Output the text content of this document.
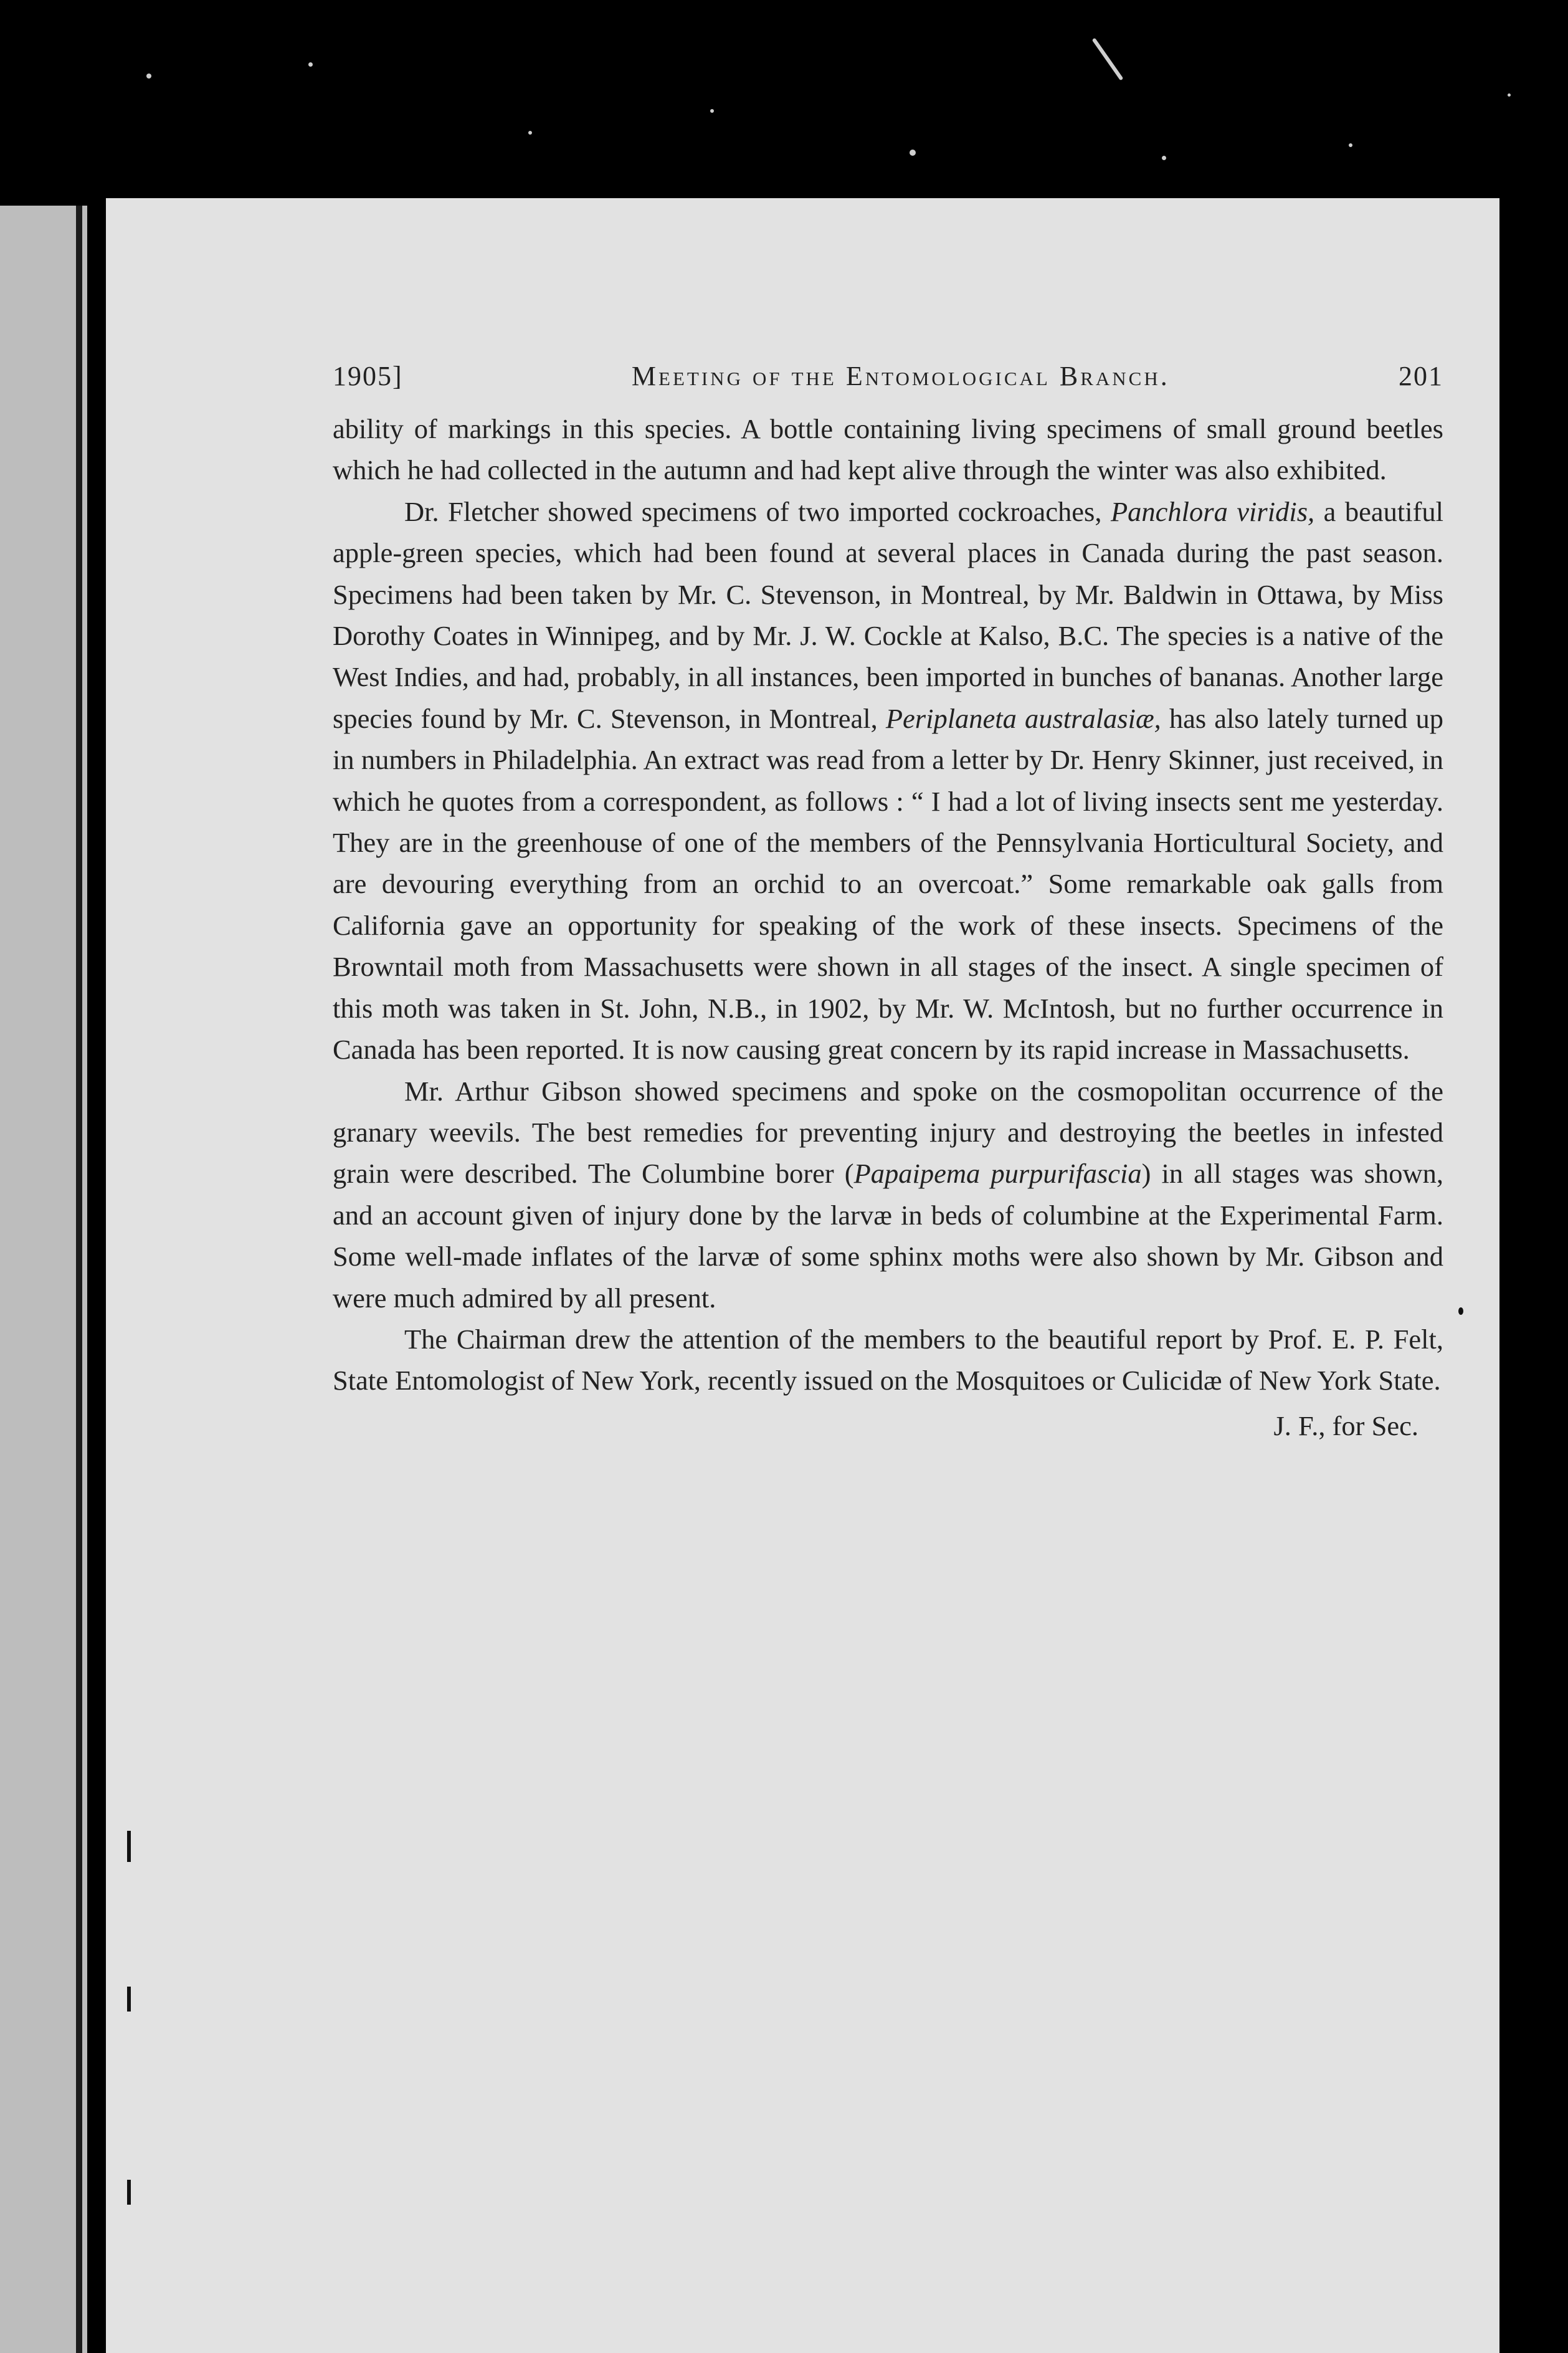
1905]	Meeting of the Entomological Branch.	201

ability of markings in this species. A bottle containing living specimens of small ground beetles which he had collected in the autumn and had kept alive through the winter was also exhibited.

Dr. Fletcher showed specimens of two imported cockroaches, Panchlora viridis, a beautiful apple-green species, which had been found at several places in Canada during the past season. Specimens had been taken by Mr. C. Stevenson, in Montreal, by Mr. Baldwin in Ottawa, by Miss Dorothy Coates in Winnipeg, and by Mr. J. W. Cockle at Kalso, B.C. The species is a native of the West Indies, and had, probably, in all instances, been imported in bunches of bananas. Another large species found by Mr. C. Stevenson, in Montreal, Periplaneta australasiæ, has also lately turned up in numbers in Philadelphia. An extract was read from a letter by Dr. Henry Skinner, just received, in which he quotes from a correspondent, as follows : “ I had a lot of living insects sent me yesterday. They are in the greenhouse of one of the members of the Pennsylvania Horticultural Society, and are devouring everything from an orchid to an overcoat.” Some remarkable oak galls from California gave an opportunity for speaking of the work of these insects. Specimens of the Browntail moth from Massachusetts were shown in all stages of the insect. A single specimen of this moth was taken in St. John, N.B., in 1902, by Mr. W. McIntosh, but no further occurrence in Canada has been reported. It is now causing great concern by its rapid increase in Massachusetts.

Mr. Arthur Gibson showed specimens and spoke on the cosmopolitan occurrence of the granary weevils. The best remedies for preventing injury and destroying the beetles in infested grain were described. The Columbine borer (Papaipema purpurifascia) in all stages was shown, and an account given of injury done by the larvæ in beds of columbine at the Experimental Farm. Some well-made inflates of the larvæ of some sphinx moths were also shown by Mr. Gibson and were much admired by all present.

The Chairman drew the attention of the members to the beautiful report by Prof. E. P. Felt, State Entomologist of New York, recently issued on the Mosquitoes or Culicidæ of New York State.

J. F., for Sec.
